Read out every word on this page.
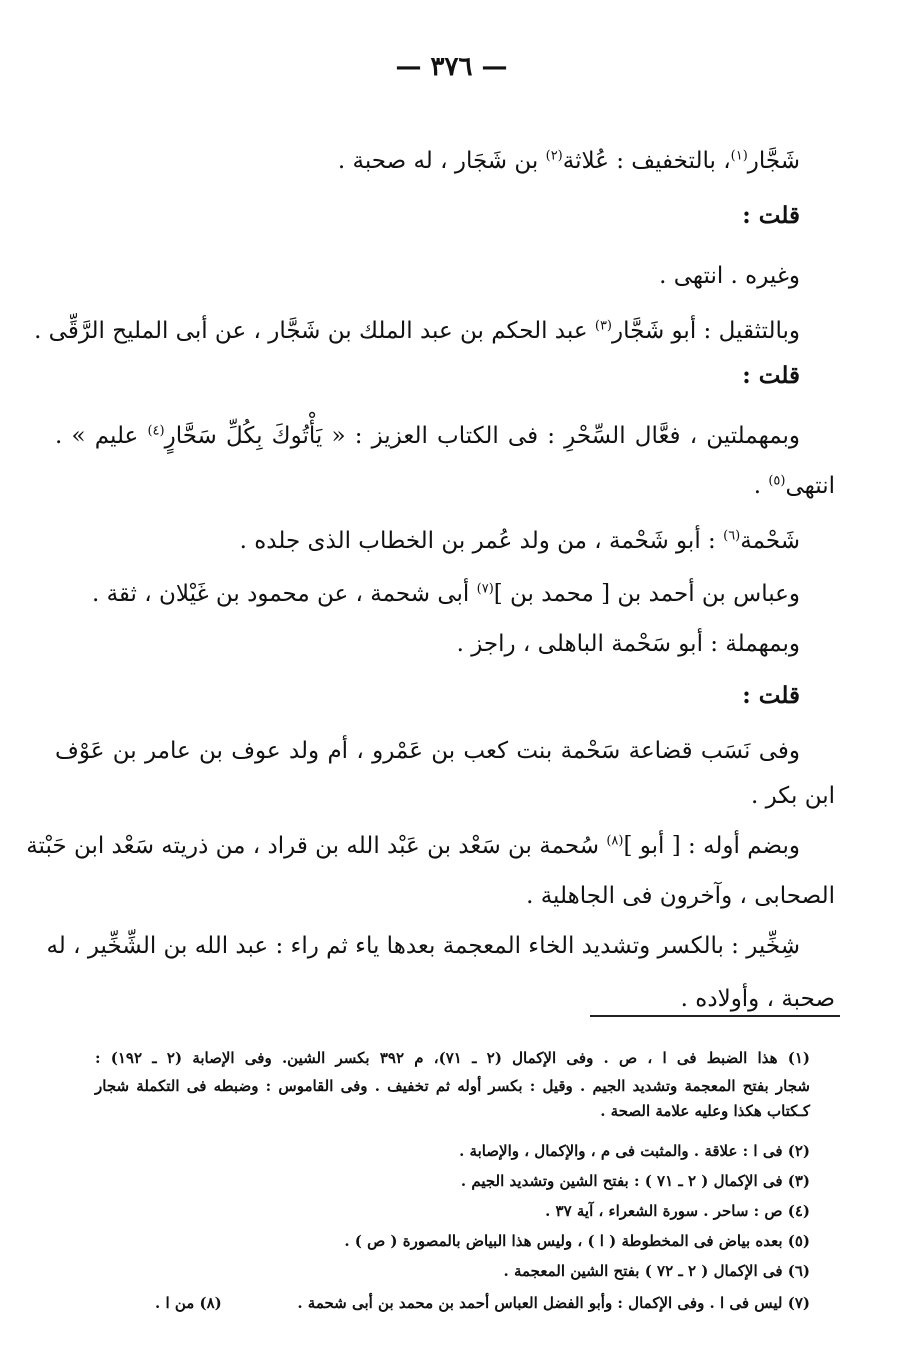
— ٣٧٦ —
شَجَّار$^{(١)}$، بالتخفيف : عُلاثة$^{(٢)}$ بن شَجَار ، له صحبة .
قلت :
وغيره . انتهى .
وبالتثقيل : أبو شَجَّار$^{(٣)}$ عبد الحكم بن عبد الملك بن شَجَّار ، عن أبى المليح الرَّقِّى .
قلت :
وبمهملتين ، فعَّال السِّحْرِ : فى الكتاب العزيز : « يَأْتُوكَ بِكُلِّ سَحَّارٍ$^{(٤)}$ عليم » .
انتهى$^{(٥)}$ .
شَحْمة$^{(٦)}$ : أبو شَحْمة ، من ولد عُمر بن الخطاب الذى جلده .
وعباس بن أحمد بن [ محمد بن ]$^{(٧)}$ أبى شحمة ، عن محمود بن غَيْلان ، ثقة .
وبمهملة : أبو سَحْمة الباهلى ، راجز .
قلت :
وفى نَسَب قضاعة سَحْمة بنت كعب بن عَمْرو ، أم ولد عوف بن عامر بن عَوْف
ابن بكر .
وبضم أوله : [ أبو ]$^{(٨)}$ سُحمة بن سَعْد بن عَبْد الله بن قراد ، من ذريته سَعْد ابن حَبْتة
الصحابى ، وآخرون فى الجاهلية .
شِخِّير : بالكسر وتشديد الخاء المعجمة بعدها ياء ثم راء : عبد الله بن الشِّخِّير ، له
صحبة ، وأولاده .
(١) هذا الضبط فى ا ، ص . وفى الإكمال (٢ ـ ٧١)، م ٣٩٢ بكسر الشين. وفى الإصابة (٢ ـ ١٩٢) :
شجار بفتح المعجمة وتشديد الجيم . وقيل : بكسر أوله ثم تخفيف . وفى القاموس : وضبطه فى التكملة شجار
كـكتاب هكذا وعليه علامة الصحة .
(٢) فى ا : علاقة . والمثبت فى م ، والإكمال ، والإصابة .
(٣) فى الإكمال ( ٢ ـ ٧١ ) : بفتح الشين وتشديد الجيم .
(٤) ص : ساحر . سورة الشعراء ، آية ٣٧ .
(٥) بعده بياض فى المخطوطة ( ا ) ، وليس هذا البياض بالمصورة ( ص ) .
(٦) فى الإكمال ( ٢ ـ ٧٢ ) بفتح الشين المعجمة .
(٧) ليس فى ا . وفى الإكمال : وأبو الفضل العباس أحمد بن محمد بن أبى شحمة .
(٨) من ا .
